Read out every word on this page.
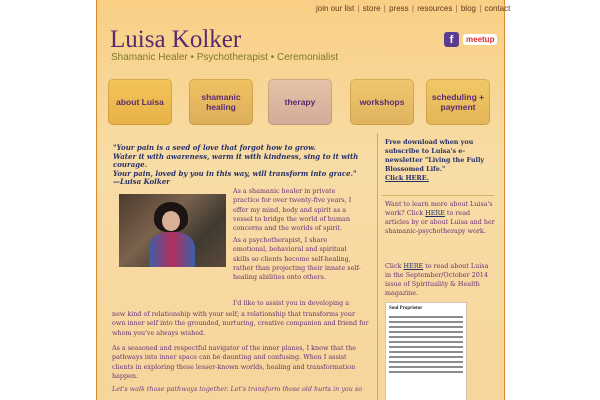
join our list | store | press | resources | blog | contact
Luisa Kolker
Shamanic Healer • Psychotherapist • Ceremonialist
f	meetup
about Luisa	shamanic healing	therapy	workshops	scheduling + payment
"Your pain is a seed of love that forgot how to grow.
Water it with awareness, warm it with kindness, sing to it with courage.
Your pain, loved by you in this way, will transform into grace."
—Luisa Kolker
As a shamanic healer in private practice for over twenty-five years, I offer my mind, body and spirit as a vessel to bridge the world of human concerns and the worlds of spirit.
As a psychotherapist, I share emotional, behavioral and spiritual skills so clients become self-healing, rather than projecting their innate self-healing abilities onto others.
I'd like to assist you in developing a
new kind of relationship with your self; a relationship that transforms your own inner self into the grounded, nurturing, creative companion and friend for whom you've always wished.
As a seasoned and respectful navigator of the inner planes, I know that the pathways into inner space can be daunting and confusing. When I assist clients in exploring these lesser-known worlds, healing and transformation happen.
Let's walk those pathways together. Let's transform those old hurts in you so
Free download when you subscribe to Luisa's e-newsletter "Living the Fully Blossomed Life."
Click HERE.
Want to learn more about Luisa's work? Click HERE to read articles by or about Luisa and her shamanic-psychotherapy work.
Click HERE to read about Luisa in the September/October 2014 issue of Spirituality & Health magazine.
Soul Proprietor
